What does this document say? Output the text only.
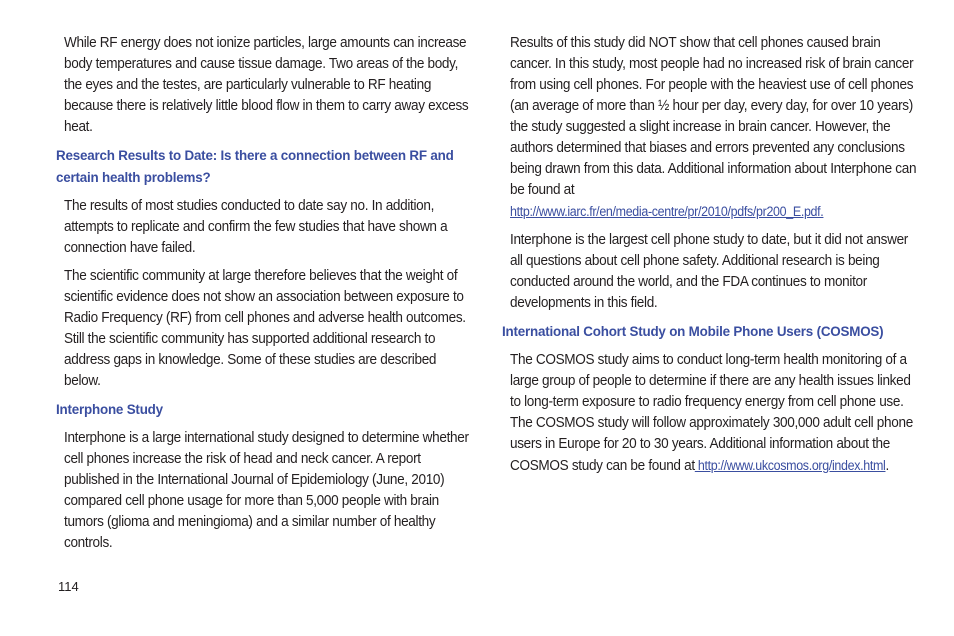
While RF energy does not ionize particles, large amounts can increase body temperatures and cause tissue damage. Two areas of the body, the eyes and the testes, are particularly vulnerable to RF heating because there is relatively little blood flow in them to carry away excess heat.

Research Results to Date: Is there a connection between RF and certain health problems?

The results of most studies conducted to date say no. In addition, attempts to replicate and confirm the few studies that have shown a connection have failed.

The scientific community at large therefore believes that the weight of scientific evidence does not show an association between exposure to Radio Frequency (RF) from cell phones and adverse health outcomes. Still the scientific community has supported additional research to address gaps in knowledge. Some of these studies are described below.

Interphone Study

Interphone is a large international study designed to determine whether cell phones increase the risk of head and neck cancer. A report published in the International Journal of Epidemiology (June, 2010) compared cell phone usage for more than 5,000 people with brain tumors (glioma and meningioma) and a similar number of healthy controls.

Results of this study did NOT show that cell phones caused brain cancer. In this study, most people had no increased risk of brain cancer from using cell phones. For people with the heaviest use of cell phones (an average of more than ½ hour per day, every day, for over 10 years) the study suggested a slight increase in brain cancer. However, the authors determined that biases and errors prevented any conclusions being drawn from this data. Additional information about Interphone can be found at
http://www.iarc.fr/en/media-centre/pr/2010/pdfs/pr200_E.pdf.

Interphone is the largest cell phone study to date, but it did not answer all questions about cell phone safety. Additional research is being conducted around the world, and the FDA continues to monitor developments in this field.

International Cohort Study on Mobile Phone Users (COSMOS)

The COSMOS study aims to conduct long-term health monitoring of a large group of people to determine if there are any health issues linked to long-term exposure to radio frequency energy from cell phone use. The COSMOS study will follow approximately 300,000 adult cell phone users in Europe for 20 to 30 years. Additional information about the COSMOS study can be found at http://www.ukcosmos.org/index.html.

114
